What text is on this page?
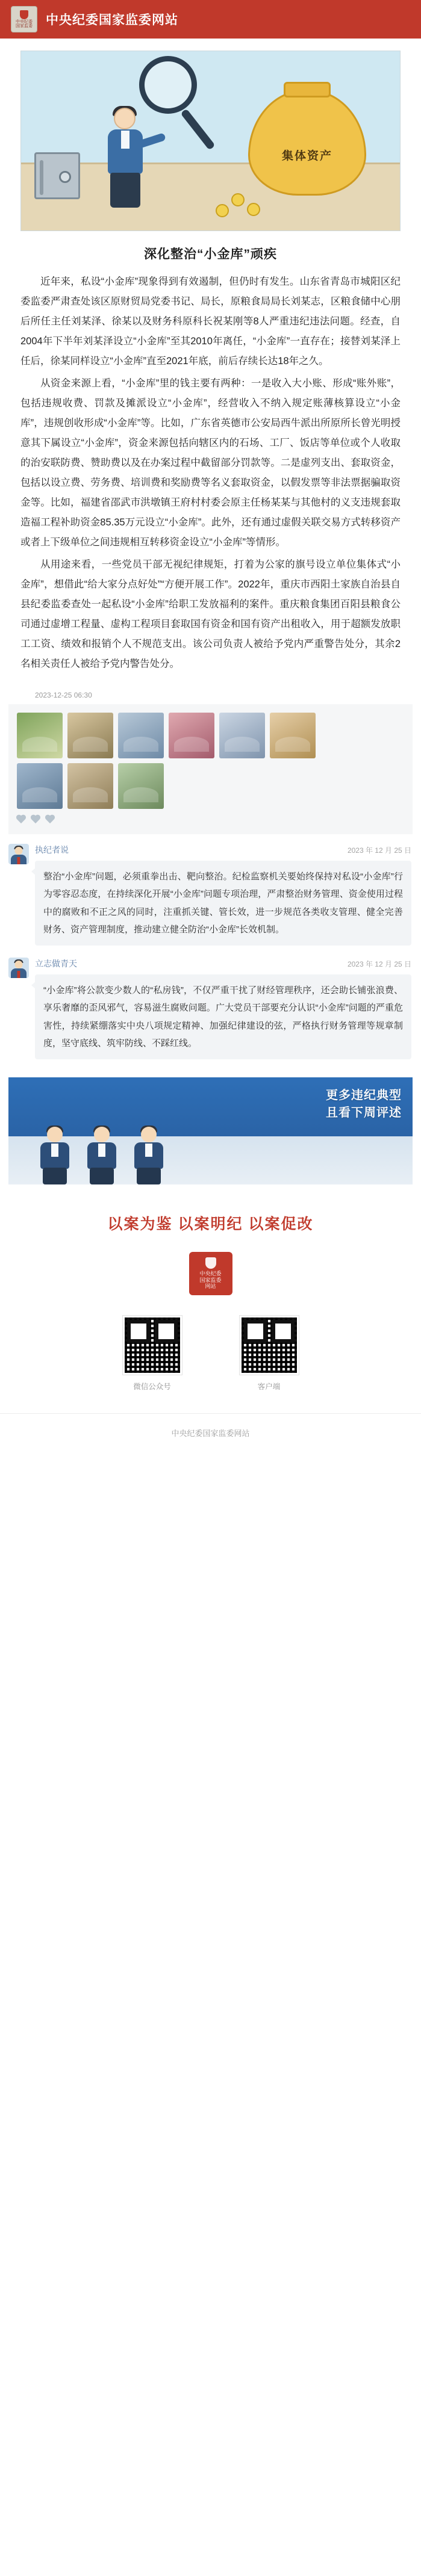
中央纪委
国家监委 中央纪委国家监委网站
集体资产
深化整治“小金库”顽疾

近年来，私设“小金库”现象得到有效遏制，但仍时有发生。山东省青岛市城阳区纪委监委严肃查处该区原财贸局党委书记、局长，原粮食局局长刘某志，区粮食储中心朋后所任主任刘某泽、徐某以及财务科原科长祝某刚等8人严重违纪违法问题。经查，自2004年下半年刘某泽设立“小金库”至其2010年离任，“小金库”一直存在；接替刘某泽上任后，徐某同样设立“小金库”直至2021年底，前后存续长达18年之久。

从资金来源上看，“小金库”里的钱主要有两种：一是收入大小账、形成“账外账”，包括违规收费、罚款及摊派设立“小金库”，经营收入不纳入规定账薄核算设立“小金库”，违规创收形成“小金库”等。比如，广东省英德市公安局西牛派出所原所长曾光明授意其下属设立“小金库”，资金来源包括向辖区内的石场、工厂、饭店等单位或个人收取的治安联防费、赞助费以及在办案过程中截留部分罚款等。二是虚列支出、套取资金，包括以设立费、劳务费、培训费和奖励费等名义套取资金，以假发票等非法票据骗取资金等。比如，福建省邵武市洪墩镇王府村村委会原主任杨某某与其他村的义支违规套取造福工程补助资金85.35万元设立“小金库”。此外，还有通过虚假关联交易方式转移资产或者上下级单位之间违规相互转移资金设立“小金库”等情形。

从用途来看，一些党员干部无视纪律规矩，打着为公家的旗号设立单位集体式“小金库”，想借此“给大家分点好处”“方便开展工作”。2022年，重庆市西阳土家族自治县自县纪委监委查处一起私设“小金库”给职工发放福利的案件。重庆粮食集团百阳县粮食公司通过虚增工程量、虚构工程项目套取国有资金和国有资产出租收入，用于超额发放职工工资、绩效和报销个人不规范支出。该公司负责人被给予党内严重警告处分，其余2名相关责任人被给予党内警告处分。

2023-12-25 06:30
执纪者说	2023 年 12 月 25 日
整治“小金库”问题，必须重拳出击、靶向整治。纪检监察机关要始终保持对私设“小金库”行为零容忍态度，在持续深化开展“小金库”问题专项治理，严肃整治财务管理、资金使用过程中的腐败和不正之风的同时，注重抓关键、管长效，进一步规范各类收支管理、健全完善财务、资产管理制度，推动建立健全防治“小金库”长效机制。
立志做青天	2023 年 12 月 25 日
“小金库”将公款变少数人的“私房钱”，不仅严重干扰了财经管理秩序，还会助长铺张浪费、享乐奢靡的歪风邪气，容易滋生腐败问题。广大党员干部要充分认识“小金库”问题的严重危害性，持续紧绷落实中央八项规定精神、加强纪律建设的弦，严格执行财务管理等规章制度，坚守底线、筑牢防线、不踩红线。
更多违纪典型
且看下周评述
以案为鉴 以案明纪 以案促改
中央纪委
国家监委
网站
微信公众号	客户端
中央纪委国家监委网站
